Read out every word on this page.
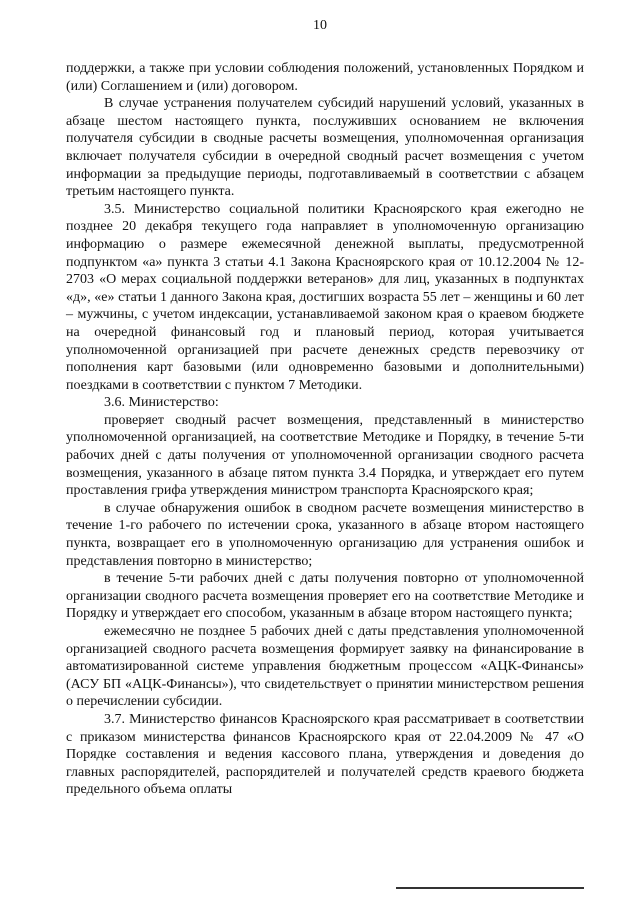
10

поддержки, а также при условии соблюдения положений, установленных Порядком и (или) Соглашением и (или) договором.

В случае устранения получателем субсидий нарушений условий, указанных в абзаце шестом настоящего пункта, послуживших основанием не включения получателя субсидии в сводные расчеты возмещения, уполномоченная организация включает получателя субсидии в очередной сводный расчет возмещения с учетом информации за предыдущие периоды, подготавливаемый в соответствии с абзацем третьим настоящего пункта.

3.5. Министерство социальной политики Красноярского края ежегодно не позднее 20 декабря текущего года направляет в уполномоченную организацию информацию о размере ежемесячной денежной выплаты, предусмотренной подпунктом «а» пункта 3 статьи 4.1 Закона Красноярского края от 10.12.2004 № 12-2703 «О мерах социальной поддержки ветеранов» для лиц, указанных в подпунктах «д», «е» статьи 1 данного Закона края, достигших возраста 55 лет – женщины и 60 лет – мужчины, с учетом индексации, устанавливаемой законом края о краевом бюджете на очередной финансовый год и плановый период, которая учитывается уполномоченной организацией при расчете денежных средств перевозчику от пополнения карт базовыми (или одновременно базовыми и дополнительными) поездками в соответствии с пунктом 7 Методики.

3.6. Министерство:

проверяет сводный расчет возмещения, представленный в министерство уполномоченной организацией, на соответствие Методике и Порядку, в течение 5-ти рабочих дней с даты получения от уполномоченной организации сводного расчета возмещения, указанного в абзаце пятом пункта 3.4 Порядка, и утверждает его путем проставления грифа утверждения министром транспорта Красноярского края;

в случае обнаружения ошибок в сводном расчете возмещения министерство в течение 1-го рабочего по истечении срока, указанного в абзаце втором настоящего пункта, возвращает его в уполномоченную организацию для устранения ошибок и представления повторно в министерство;

в течение 5-ти рабочих дней с даты получения повторно от уполномоченной организации сводного расчета возмещения проверяет его на соответствие Методике и Порядку и утверждает его способом, указанным в абзаце втором настоящего пункта;

ежемесячно не позднее 5 рабочих дней с даты представления уполномоченной организацией сводного расчета возмещения формирует заявку на финансирование в автоматизированной системе управления бюджетным процессом «АЦК-Финансы» (АСУ БП «АЦК-Финансы»), что свидетельствует о принятии министерством решения о перечислении субсидии.

3.7. Министерство финансов Красноярского края рассматривает в соответствии с приказом министерства финансов Красноярского края от 22.04.2009 № 47 «О Порядке составления и ведения кассового плана, утверждения и доведения до главных распорядителей, распорядителей и получателей средств краевого бюджета предельного объема оплаты
